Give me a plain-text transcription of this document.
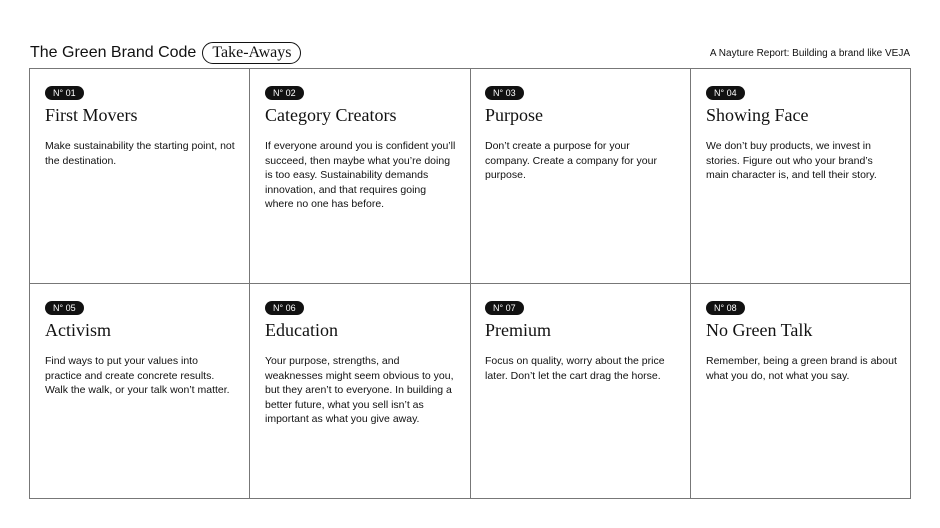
The Green Brand Code	Take-Aways	A Nayture Report: Building a brand like VEJA
N° 01
First Movers
Make sustainability the starting point, not the destination.
N° 02
Category Creators
If everyone around you is confident you’ll succeed, then maybe what you’re doing is too easy. Sustainability demands innovation, and that requires going where no one has before.
N° 03
Purpose
Don’t create a purpose for your company. Create a company for your purpose.
N° 04
Showing Face
We don’t buy products, we invest in stories. Figure out who your brand’s main character is, and tell their story.
N° 05
Activism
Find ways to put your values into practice and create concrete results. Walk the walk, or your talk won’t matter.
N° 06
Education
Your purpose, strengths, and weaknesses might seem obvious to you, but they aren’t to everyone. In building a better future, what you sell isn’t as important as what you give away.
N° 07
Premium
Focus on quality, worry about the price later. Don’t let the cart drag the horse.
N° 08
No Green Talk
Remember, being a green brand is about what you do, not what you say.
